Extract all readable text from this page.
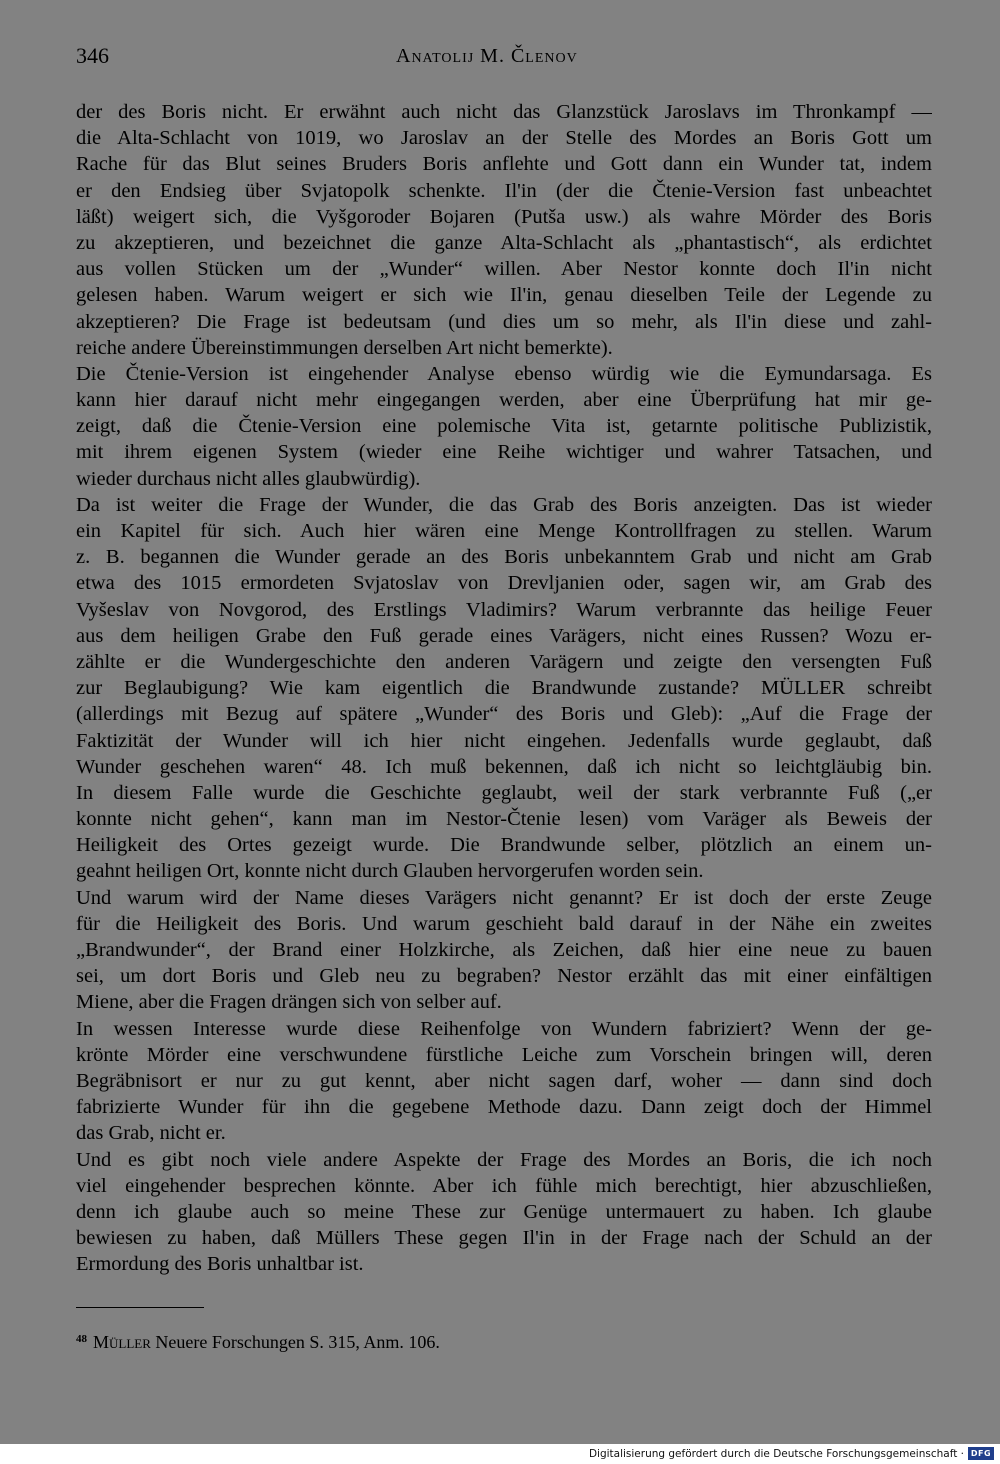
346	Anatolij M. Členov
der des Boris nicht. Er erwähnt auch nicht das Glanzstück Jaroslavs im Thronkampf —
die Alta-Schlacht von 1019, wo Jaroslav an der Stelle des Mordes an Boris Gott um
Rache für das Blut seines Bruders Boris anflehte und Gott dann ein Wunder tat, indem
er den Endsieg über Svjatopolk schenkte. Il'in (der die Čtenie-Version fast unbeachtet
läßt) weigert sich, die Vyšgoroder Bojaren (Putša usw.) als wahre Mörder des Boris
zu akzeptieren, und bezeichnet die ganze Alta-Schlacht als „phantastisch“, als erdichtet
aus vollen Stücken um der „Wunder“ willen. Aber Nestor konnte doch Il'in nicht
gelesen haben. Warum weigert er sich wie Il'in, genau dieselben Teile der Legende zu
akzeptieren? Die Frage ist bedeutsam (und dies um so mehr, als Il'in diese und zahl-
reiche andere Übereinstimmungen derselben Art nicht bemerkte).
Die Čtenie-Version ist eingehender Analyse ebenso würdig wie die Eymundarsaga. Es
kann hier darauf nicht mehr eingegangen werden, aber eine Überprüfung hat mir ge-
zeigt, daß die Čtenie-Version eine polemische Vita ist, getarnte politische Publizistik,
mit ihrem eigenen System (wieder eine Reihe wichtiger und wahrer Tatsachen, und
wieder durchaus nicht alles glaubwürdig).
Da ist weiter die Frage der Wunder, die das Grab des Boris anzeigten. Das ist wieder
ein Kapitel für sich. Auch hier wären eine Menge Kontrollfragen zu stellen. Warum
z. B. begannen die Wunder gerade an des Boris unbekanntem Grab und nicht am Grab
etwa des 1015 ermordeten Svjatoslav von Drevljanien oder, sagen wir, am Grab des
Vyšeslav von Novgorod, des Erstlings Vladimirs? Warum verbrannte das heilige Feuer
aus dem heiligen Grabe den Fuß gerade eines Varägers, nicht eines Russen? Wozu er-
zählte er die Wundergeschichte den anderen Varägern und zeigte den versengten Fuß
zur Beglaubigung? Wie kam eigentlich die Brandwunde zustande? MÜLLER schreibt
(allerdings mit Bezug auf spätere „Wunder“ des Boris und Gleb): „Auf die Frage der
Faktizität der Wunder will ich hier nicht eingehen. Jedenfalls wurde geglaubt, daß
Wunder geschehen waren“ 48. Ich muß bekennen, daß ich nicht so leichtgläubig bin.
In diesem Falle wurde die Geschichte geglaubt, weil der stark verbrannte Fuß („er
konnte nicht gehen“, kann man im Nestor-Čtenie lesen) vom Varäger als Beweis der
Heiligkeit des Ortes gezeigt wurde. Die Brandwunde selber, plötzlich an einem un-
geahnt heiligen Ort, konnte nicht durch Glauben hervorgerufen worden sein.
Und warum wird der Name dieses Varägers nicht genannt? Er ist doch der erste Zeuge
für die Heiligkeit des Boris. Und warum geschieht bald darauf in der Nähe ein zweites
„Brandwunder“, der Brand einer Holzkirche, als Zeichen, daß hier eine neue zu bauen
sei, um dort Boris und Gleb neu zu begraben? Nestor erzählt das mit einer einfältigen
Miene, aber die Fragen drängen sich von selber auf.
In wessen Interesse wurde diese Reihenfolge von Wundern fabriziert? Wenn der ge-
krönte Mörder eine verschwundene fürstliche Leiche zum Vorschein bringen will, deren
Begräbnisort er nur zu gut kennt, aber nicht sagen darf, woher — dann sind doch
fabrizierte Wunder für ihn die gegebene Methode dazu. Dann zeigt doch der Himmel
das Grab, nicht er.
Und es gibt noch viele andere Aspekte der Frage des Mordes an Boris, die ich noch
viel eingehender besprechen könnte. Aber ich fühle mich berechtigt, hier abzuschließen,
denn ich glaube auch so meine These zur Genüge untermauert zu haben. Ich glaube
bewiesen zu haben, daß Müllers These gegen Il'in in der Frage nach der Schuld an der
Ermordung des Boris unhaltbar ist.
$^{48}$ Müller Neuere Forschungen S. 315, Anm. 106.
Digitalisierung gefördert durch die Deutsche Forschungsgemeinschaft · DFG
